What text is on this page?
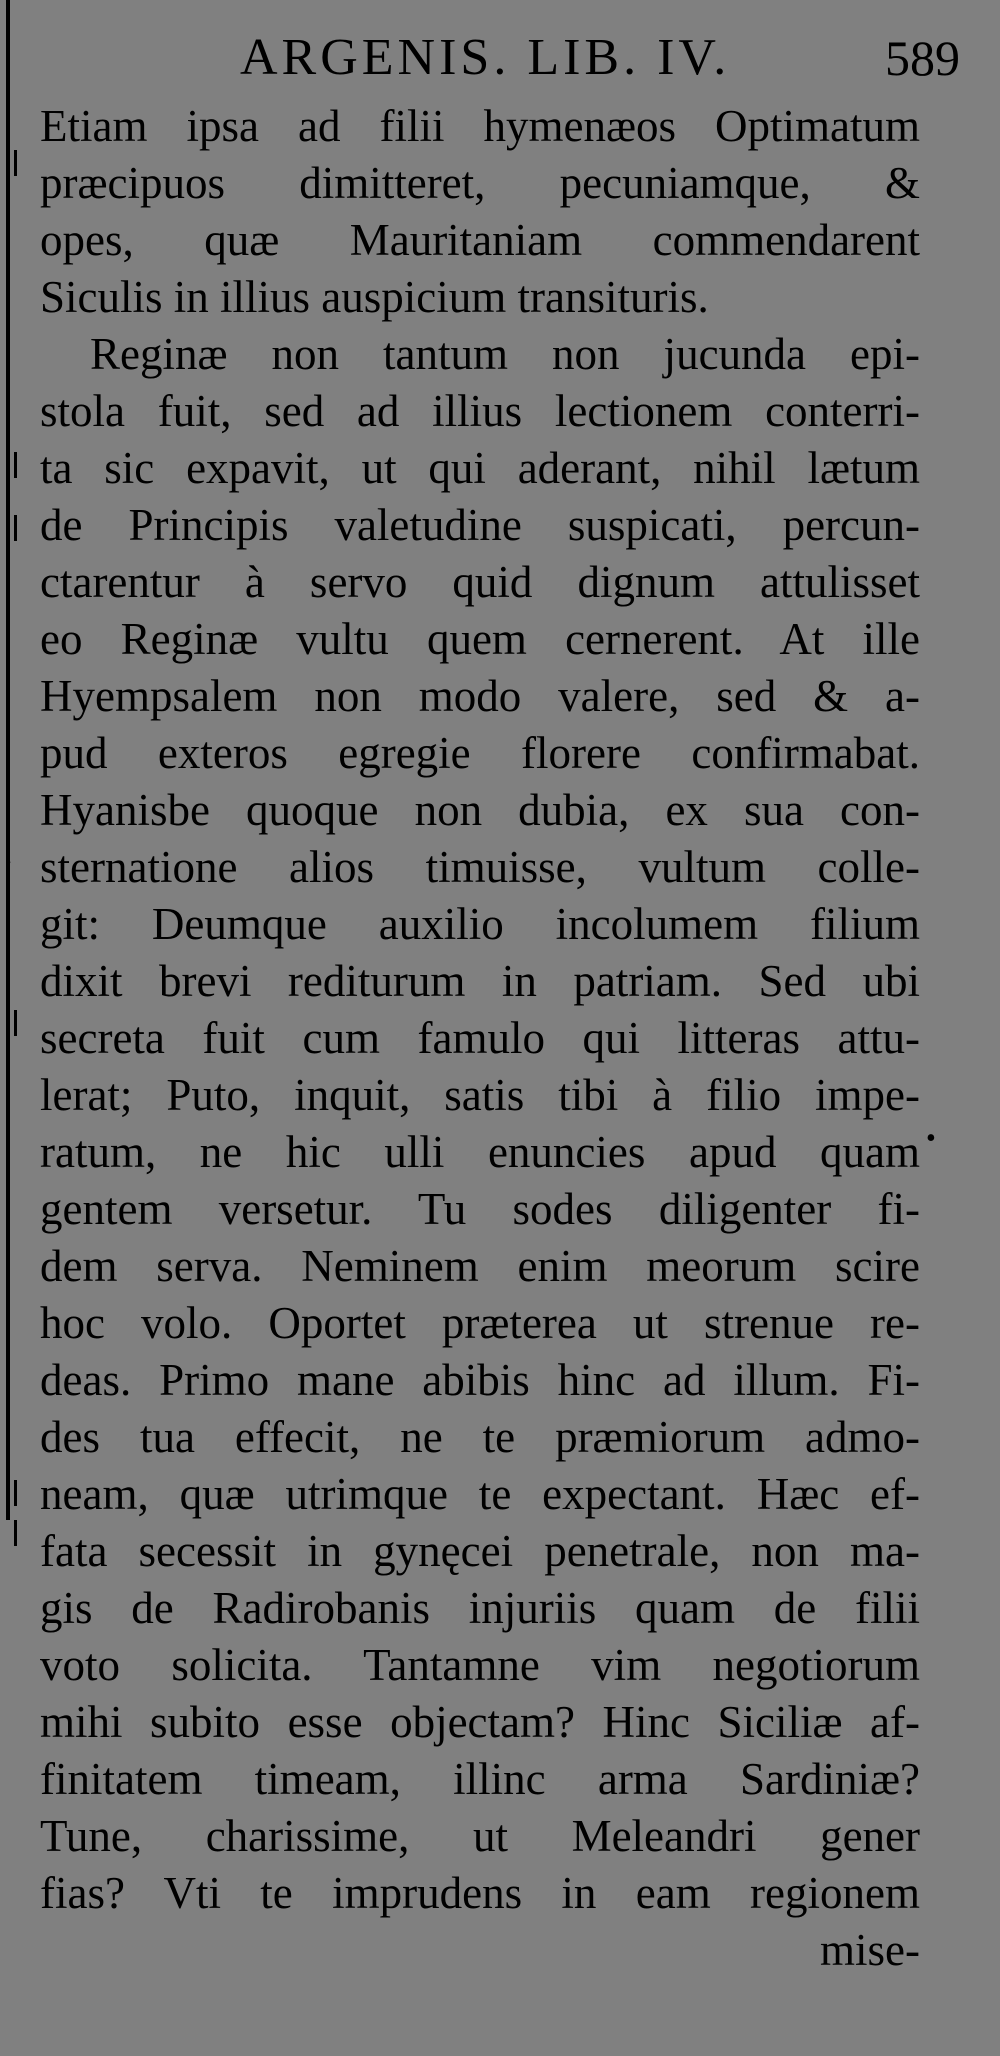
ARGENIS. LIB. IV.	589
Etiam ipsa ad filii hymenæos Optimatum
præcipuos dimitteret, pecuniamque, &
opes, quæ Mauritaniam commendarent
Siculis in illius auspicium transituris.
Reginæ non tantum non jucunda epi-
stola fuit, sed ad illius lectionem conterri-
ta sic expavit, ut qui aderant, nihil lætum
de Principis valetudine suspicati, percun-
ctarentur à servo quid dignum attulisset
eo Reginæ vultu quem cernerent. At ille
Hyempsalem non modo valere, sed & a-
pud exteros egregie florere confirmabat.
Hyanisbe quoque non dubia, ex sua con-
sternatione alios timuisse, vultum colle-
git: Deumque auxilio incolumem filium
dixit brevi rediturum in patriam. Sed ubi
secreta fuit cum famulo qui litteras attu-
lerat; Puto, inquit, satis tibi à filio impe-
ratum, ne hic ulli enuncies apud quam
gentem versetur. Tu sodes diligenter fi-
dem serva. Neminem enim meorum scire
hoc volo. Oportet præterea ut strenue re-
deas. Primo mane abibis hinc ad illum. Fi-
des tua effecit, ne te præmiorum admo-
neam, quæ utrimque te expectant. Hæc ef-
fata secessit in gynęcei penetrale, non ma-
gis de Radirobanis injuriis quam de filii
voto solicita. Tantamne vim negotiorum
mihi subito esse objectam? Hinc Siciliæ af-
finitatem timeam, illinc arma Sardiniæ?
Tune, charissime, ut Meleandri gener
fias? Vti te imprudens in eam regionem
mise-
·
•
